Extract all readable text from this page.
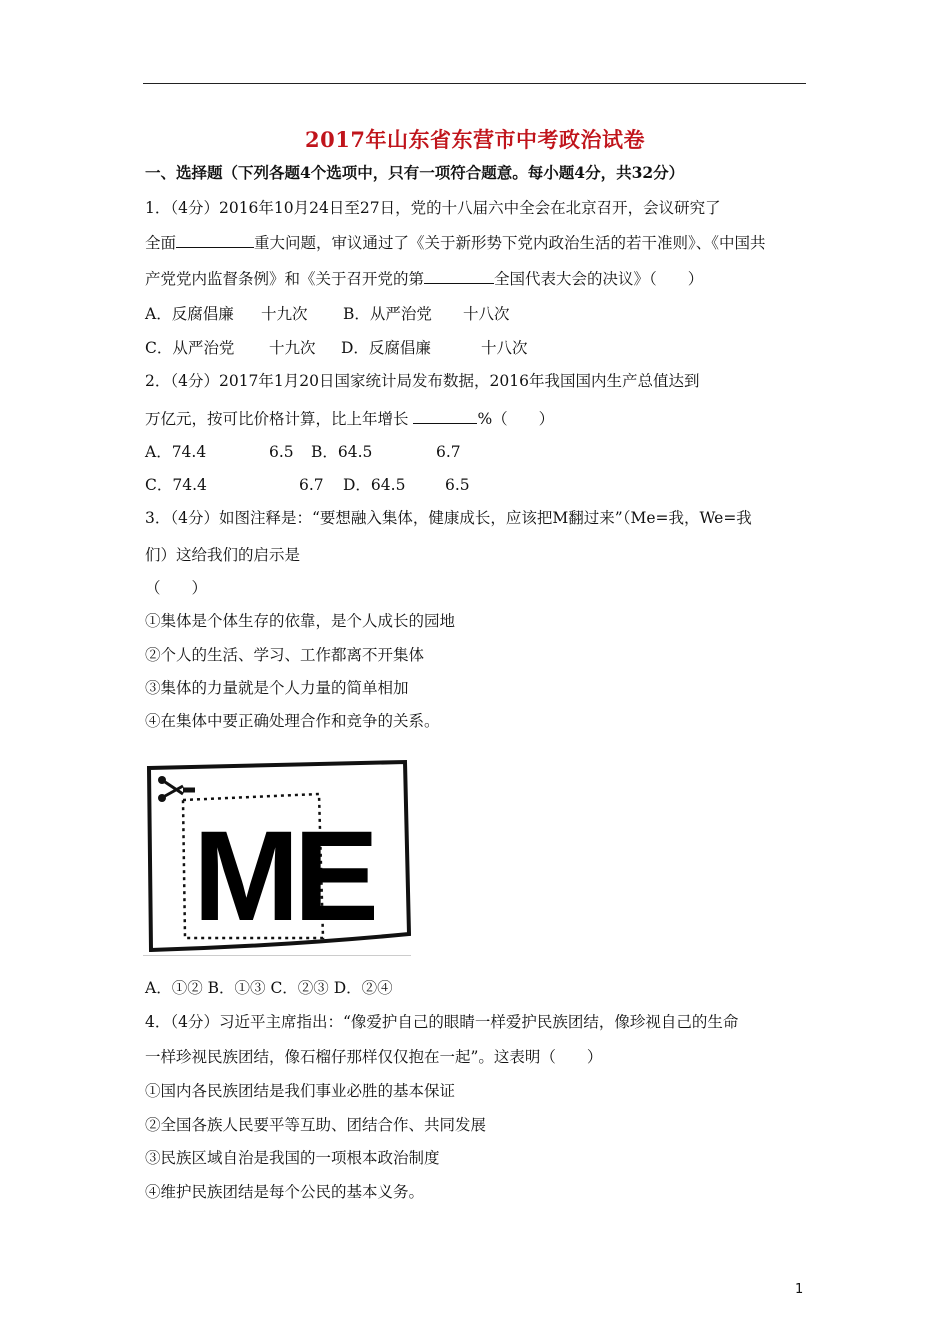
2017年山东省东营市中考政治试卷
一、选择题（下列各题4个选项中，只有一项符合题意。每小题4分，共32分）
1．（4分）2016年10月24日至27日，党的十八届六中全会在北京召开，会议研究了
全面	重大问题，审议通过了《关于新形势下党内政治生活的若干准则》、《中国共
产党党内监督条例》和《关于召开党的第	全国代表大会的决议》（　　）
A．反腐倡廉 十九次 B．从严治党 十八次
C．从严治党 十九次 D．反腐倡廉	十八次
2．（4分）2017年1月20日国家统计局发布数据，2016年我国国内生产总值达到
万亿元，按可比价格计算，比上年增长	%（　　）
A．74.4	6.5 B．64.5	6.7
C．74.4	6.7 D．64.5	6.5
3．（4分）如图注释是：“要想融入集体，健康成长，应该把M翻过来”（Me=我，We=我
们）这给我们的启示是
（　　）
①集体是个体生存的依靠，是个人成长的园地
②个人的生活、学习、工作都离不开集体
③集体的力量就是个人力量的简单相加
④在集体中要正确处理合作和竞争的关系。
ME
A．①② B．①③ C．②③ D．②④
4．（4分）习近平主席指出：“像爱护自己的眼睛一样爱护民族团结，像珍视自己的生命
一样珍视民族团结，像石榴仔那样仅仅抱在一起”。这表明（　　）
①国内各民族团结是我们事业必胜的基本保证
②全国各族人民要平等互助、团结合作、共同发展
③民族区域自治是我国的一项根本政治制度
④维护民族团结是每个公民的基本义务。
1
